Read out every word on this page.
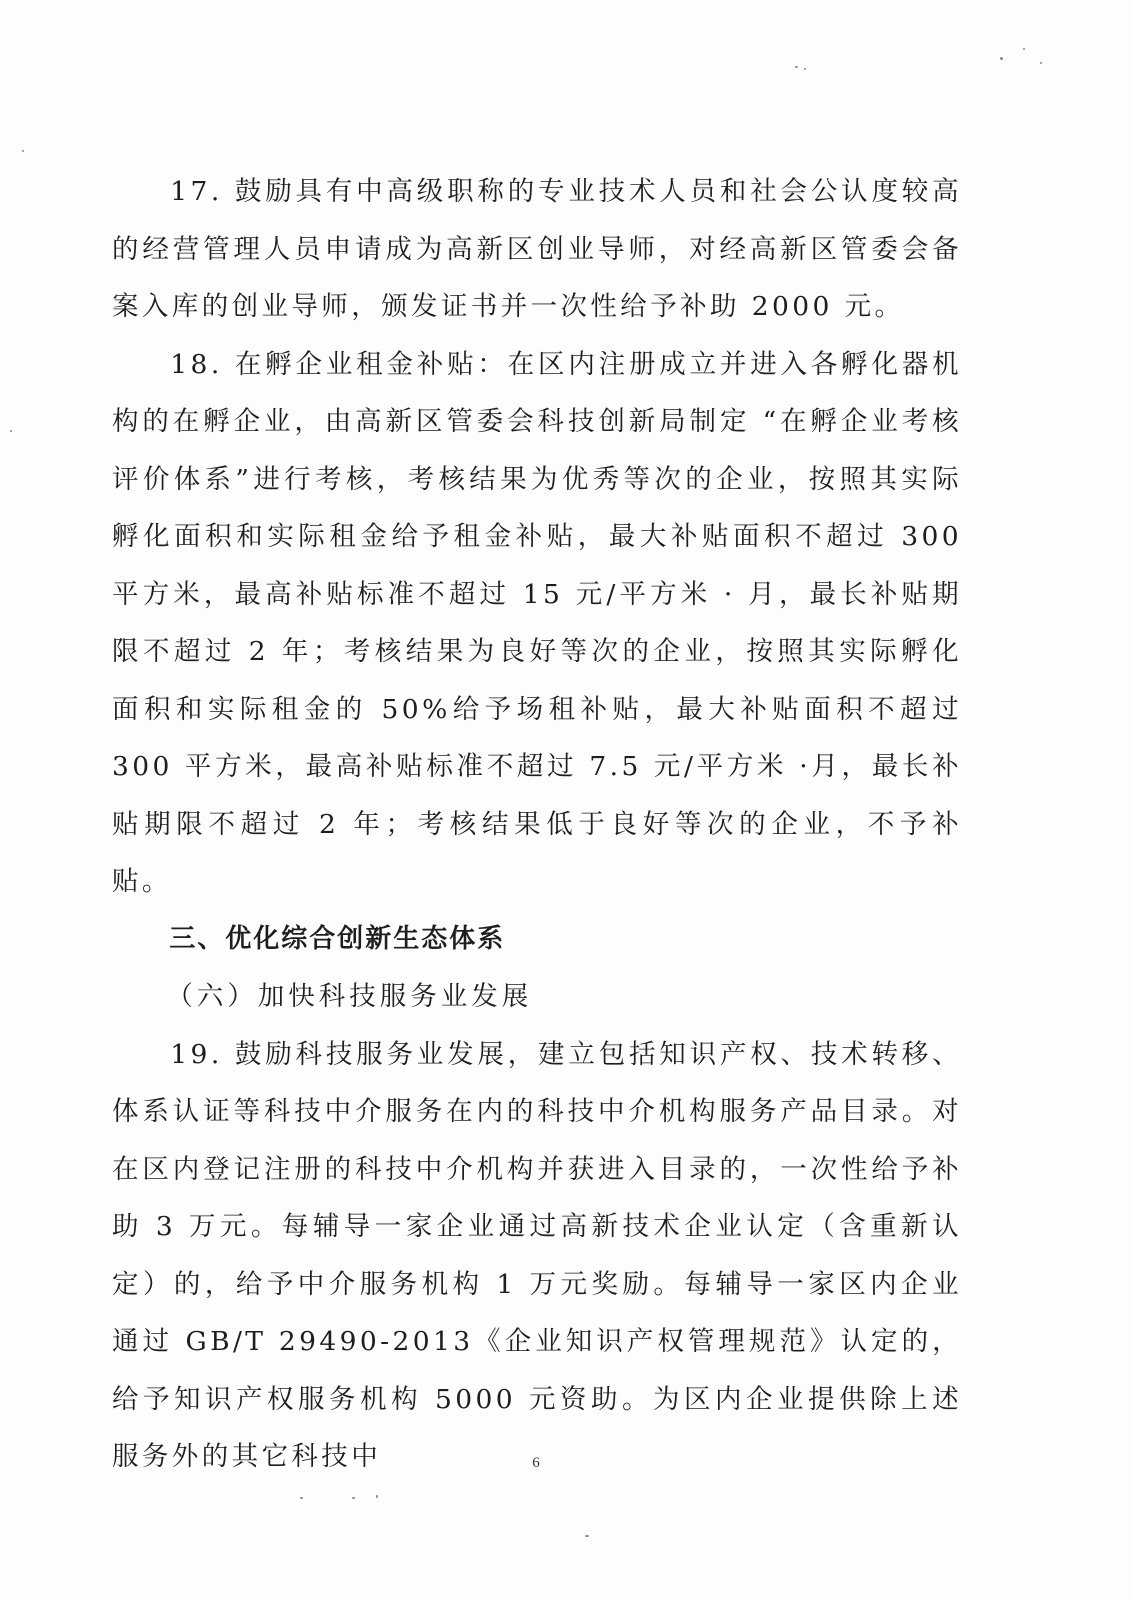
17. 鼓励具有中高级职称的专业技术人员和社会公认度较高的经营管理人员申请成为高新区创业导师，对经高新区管委会备案入库的创业导师，颁发证书并一次性给予补助 2000 元。

18. 在孵企业租金补贴：在区内注册成立并进入各孵化器机构的在孵企业，由高新区管委会科技创新局制定 “在孵企业考核评价体系”进行考核，考核结果为优秀等次的企业，按照其实际孵化面积和实际租金给予租金补贴，最大补贴面积不超过 300 平方米，最高补贴标准不超过 15 元/平方米 · 月，最长补贴期限不超过 2 年；考核结果为良好等次的企业，按照其实际孵化面积和实际租金的 50%给予场租补贴，最大补贴面积不超过 300 平方米，最高补贴标准不超过 7.5 元/平方米 ·月，最长补贴期限不超过 2 年；考核结果低于良好等次的企业，不予补贴。

三、优化综合创新生态体系

（六）加快科技服务业发展

19. 鼓励科技服务业发展，建立包括知识产权、技术转移、体系认证等科技中介服务在内的科技中介机构服务产品目录。对在区内登记注册的科技中介机构并获进入目录的，一次性给予补助 3 万元。每辅导一家企业通过高新技术企业认定（含重新认定）的，给予中介服务机构 1 万元奖励。每辅导一家区内企业通过 GB/T 29490-2013《企业知识产权管理规范》认定的，给予知识产权服务机构 5000 元资助。为区内企业提供除上述服务外的其它科技中	6
